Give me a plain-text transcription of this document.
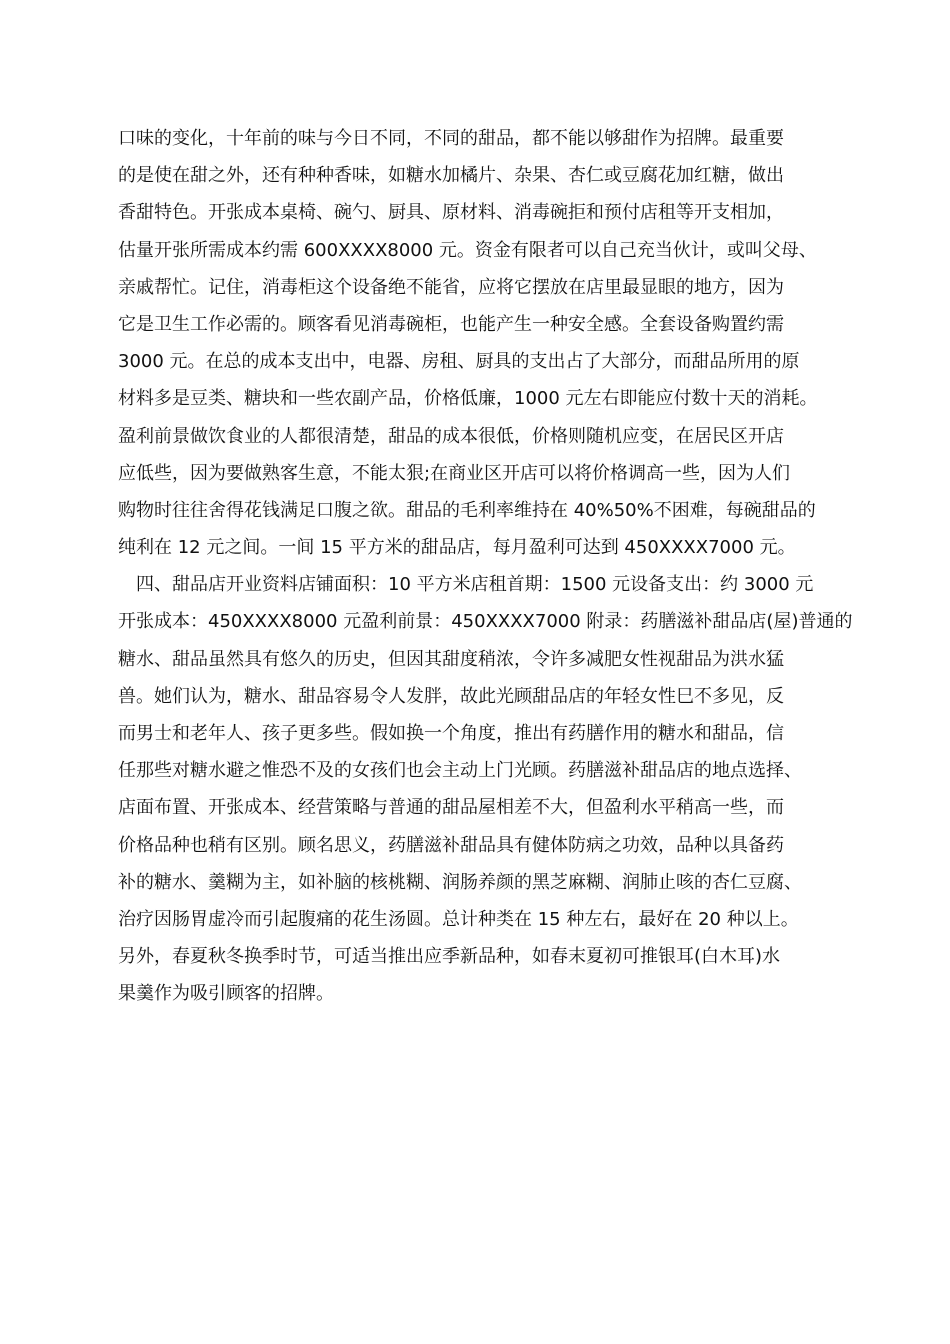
口味的变化，十年前的味与今日不同，不同的甜品，都不能以够甜作为招牌。最重要
的是使在甜之外，还有种种香味，如糖水加橘片、杂果、杏仁或豆腐花加红糖，做出
香甜特色。开张成本桌椅、碗勺、厨具、原材料、消毒碗拒和预付店租等开支相加，
估量开张所需成本约需 600XXXX8000 元。资金有限者可以自己充当伙计，或叫父母、
亲戚帮忙。记住，消毒柜这个设备绝不能省，应将它摆放在店里最显眼的地方，因为
它是卫生工作必需的。顾客看见消毒碗柜，也能产生一种安全感。全套设备购置约需
3000 元。在总的成本支出中，电器、房租、厨具的支出占了大部分，而甜品所用的原
材料多是豆类、糖块和一些农副产品，价格低廉，1000 元左右即能应付数十天的消耗。
盈利前景做饮食业的人都很清楚，甜品的成本很低，价格则随机应变，在居民区开店
应低些，因为要做熟客生意，不能太狠;在商业区开店可以将价格调高一些，因为人们
购物时往往舍得花钱满足口腹之欲。甜品的毛利率维持在 40%50%不困难，每碗甜品的
纯利在 12 元之间。一间 15 平方米的甜品店，每月盈利可达到 450XXXX7000 元。
四、甜品店开业资料店铺面积：10 平方米店租首期：1500 元设备支出：约 3000 元
开张成本：450XXXX8000 元盈利前景：450XXXX7000 附录：药膳滋补甜品店(屋)普通的
糖水、甜品虽然具有悠久的历史，但因其甜度稍浓，令许多减肥女性视甜品为洪水猛
兽。她们认为，糖水、甜品容易令人发胖，故此光顾甜品店的年轻女性巳不多见，反
而男士和老年人、孩子更多些。假如换一个角度，推出有药膳作用的糖水和甜品，信
任那些对糖水避之惟恐不及的女孩们也会主动上门光顾。药膳滋补甜品店的地点选择、
店面布置、开张成本、经营策略与普通的甜品屋相差不大，但盈利水平稍高一些，而
价格品种也稍有区别。顾名思义，药膳滋补甜品具有健体防病之功效，品种以具备药
补的糖水、羹糊为主，如补脑的核桃糊、润肠养颜的黑芝麻糊、润肺止咳的杏仁豆腐、
治疗因肠胃虚冷而引起腹痛的花生汤圆。总计种类在 15 种左右，最好在 20 种以上。
另外，春夏秋冬换季时节，可适当推出应季新品种，如春末夏初可推银耳(白木耳)水
果羹作为吸引顾客的招牌。
